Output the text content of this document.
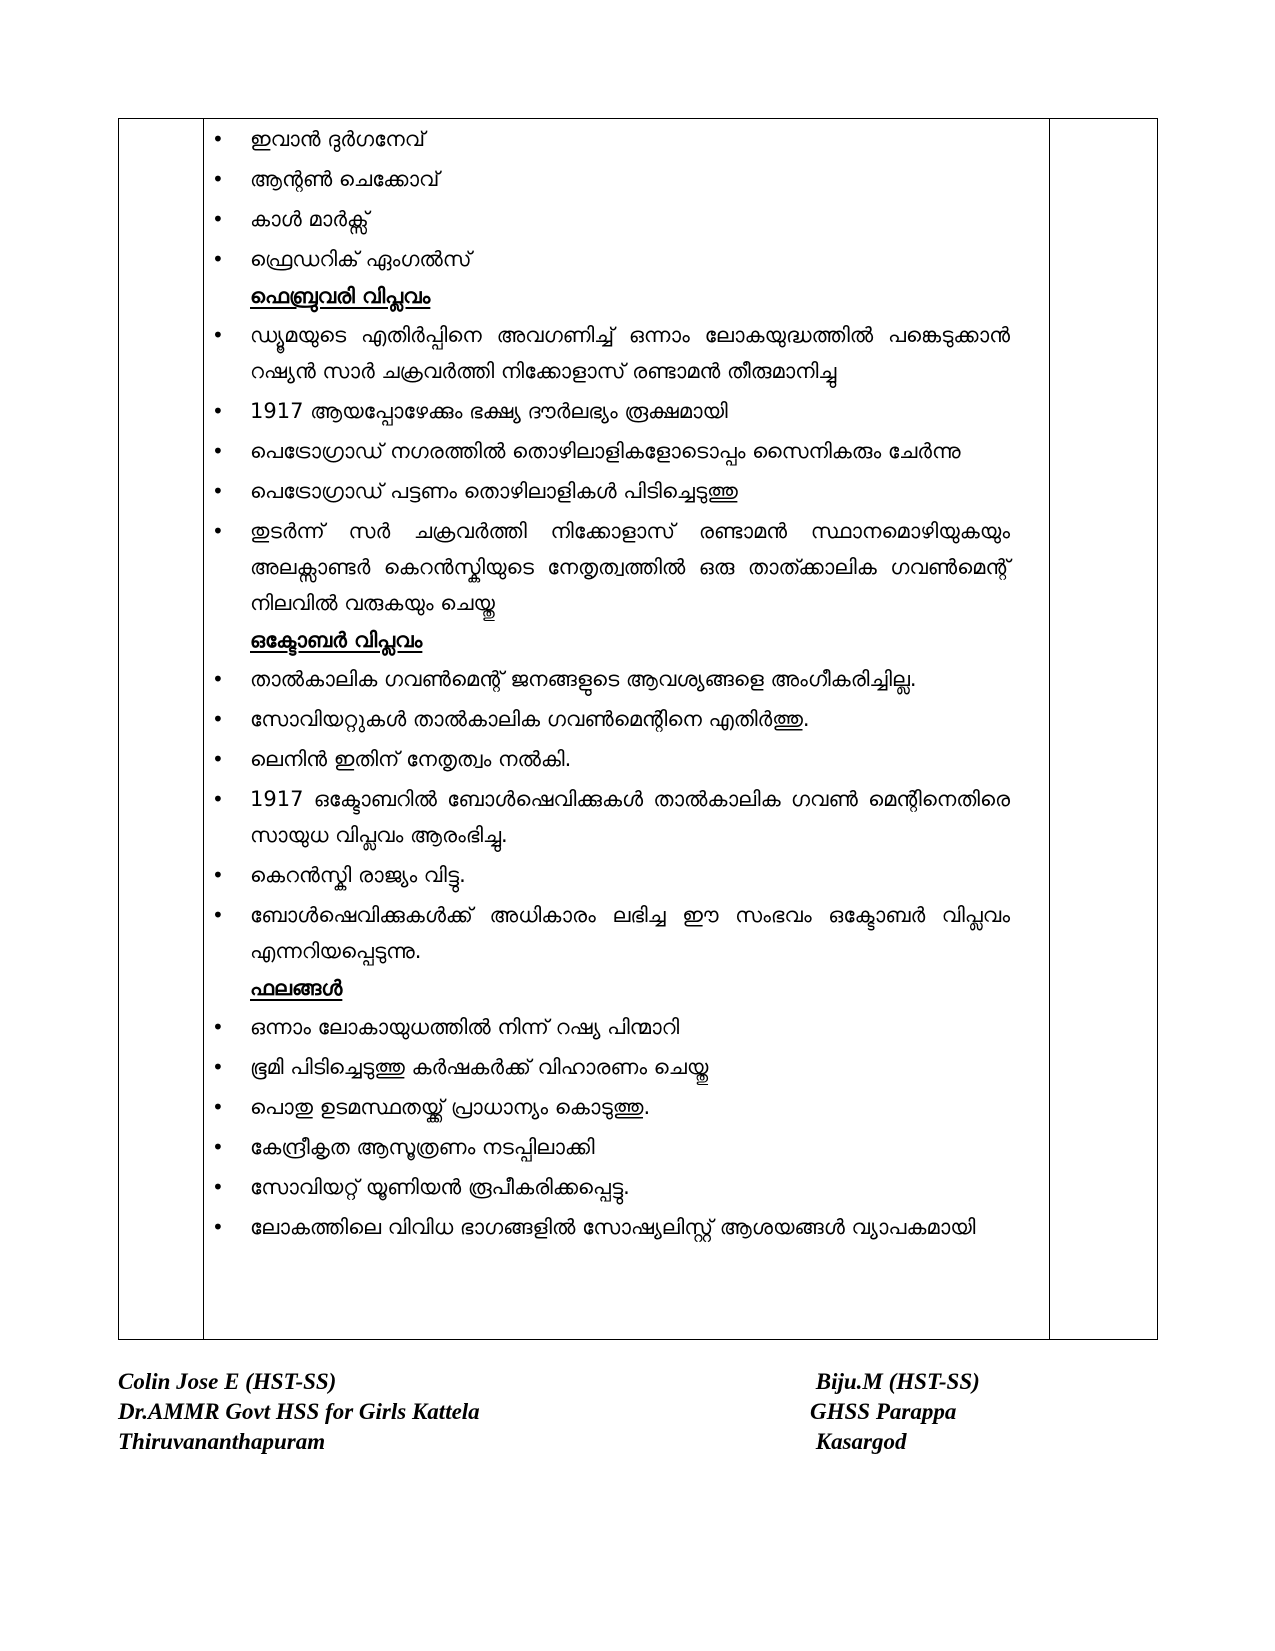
• ഇവാൻ ദുർഗനേവ്
• ആന്റൺ ചെക്കോവ്
• കാൾ മാർക്സ്
• ഫ്രെഡറിക് ഏംഗൽസ്
ഫെബ്രുവരി വിപ്ലവം
• ഡ്യൂമയുടെ എതിർപ്പിനെ അവഗണിച്ച് ഒന്നാം ലോകയുദ്ധത്തിൽ പങ്കെടുക്കാൻ റഷ്യൻ സാർ ചക്രവർത്തി നിക്കോളാസ് രണ്ടാമൻ തീരുമാനിച്ചു
• 1917 ആയപ്പോഴേക്കും ഭക്ഷ്യ ദൗർലഭ്യം രൂക്ഷമായി
• പെട്രോഗ്രാഡ് നഗരത്തിൽ തൊഴിലാളികളോടൊപ്പം സൈനികരും ചേർന്നു
• പെട്രോഗ്രാഡ് പട്ടണം തൊഴിലാളികൾ പിടിച്ചെടുത്തു
• തുടർന്ന് സർ ചക്രവർത്തി നിക്കോളാസ് രണ്ടാമൻ സ്ഥാനമൊഴിയുകയും അലക്സാണ്ടർ കെറൻസ്കിയുടെ നേതൃത്വത്തിൽ ഒരു താത്ക്കാലിക ഗവൺമെന്റ് നിലവിൽ വരുകയും ചെയ്തു
ഒക്ടോബർ വിപ്ലവം
• താൽകാലിക ഗവൺമെന്റ് ജനങ്ങളുടെ ആവശ്യങ്ങളെ അംഗീകരിച്ചില്ല.
• സോവിയറ്റുകൾ താൽകാലിക ഗവൺമെന്റിനെ എതിർത്തു.
• ലെനിൻ ഇതിന് നേതൃത്വം നൽകി.
• 1917 ഒക്ടോബറിൽ ബോൾഷെവിക്കുകൾ താൽകാലിക ഗവൺ മെന്റിനെതിരെ സായുധ വിപ്ലവം ആരംഭിച്ചു.
• കെറൻസ്കി രാജ്യം വിട്ടു.
• ബോൾഷെവിക്കുകൾക്ക് അധികാരം ലഭിച്ച ഈ സംഭവം ഒക്ടോബർ വിപ്ലവം എന്നറിയപ്പെടുന്നു.
ഫലങ്ങൾ
• ഒന്നാം ലോകായുധത്തിൽ നിന്ന് റഷ്യ പിന്മാറി
• ഭൂമി പിടിച്ചെടുത്തു കർഷകർക്ക് വിഹാരണം ചെയ്തു
• പൊതു ഉടമസ്ഥതയ്ക്ക് പ്രാധാന്യം കൊടുത്തു.
• കേന്ദ്രീകൃത ആസൂത്രണം നടപ്പിലാക്കി
• സോവിയറ്റ് യൂണിയൻ രൂപീകരിക്കപ്പെട്ടു.
• ലോകത്തിലെ വിവിധ ഭാഗങ്ങളിൽ സോഷ്യലിസ്റ്റ് ആശയങ്ങൾ വ്യാപകമായി
Colin Jose E (HST-SS)
Dr.AMMR Govt HSS for Girls Kattela
Thiruvananthapuram
Biju.M (HST-SS)
GHSS Parappa
Kasargod
